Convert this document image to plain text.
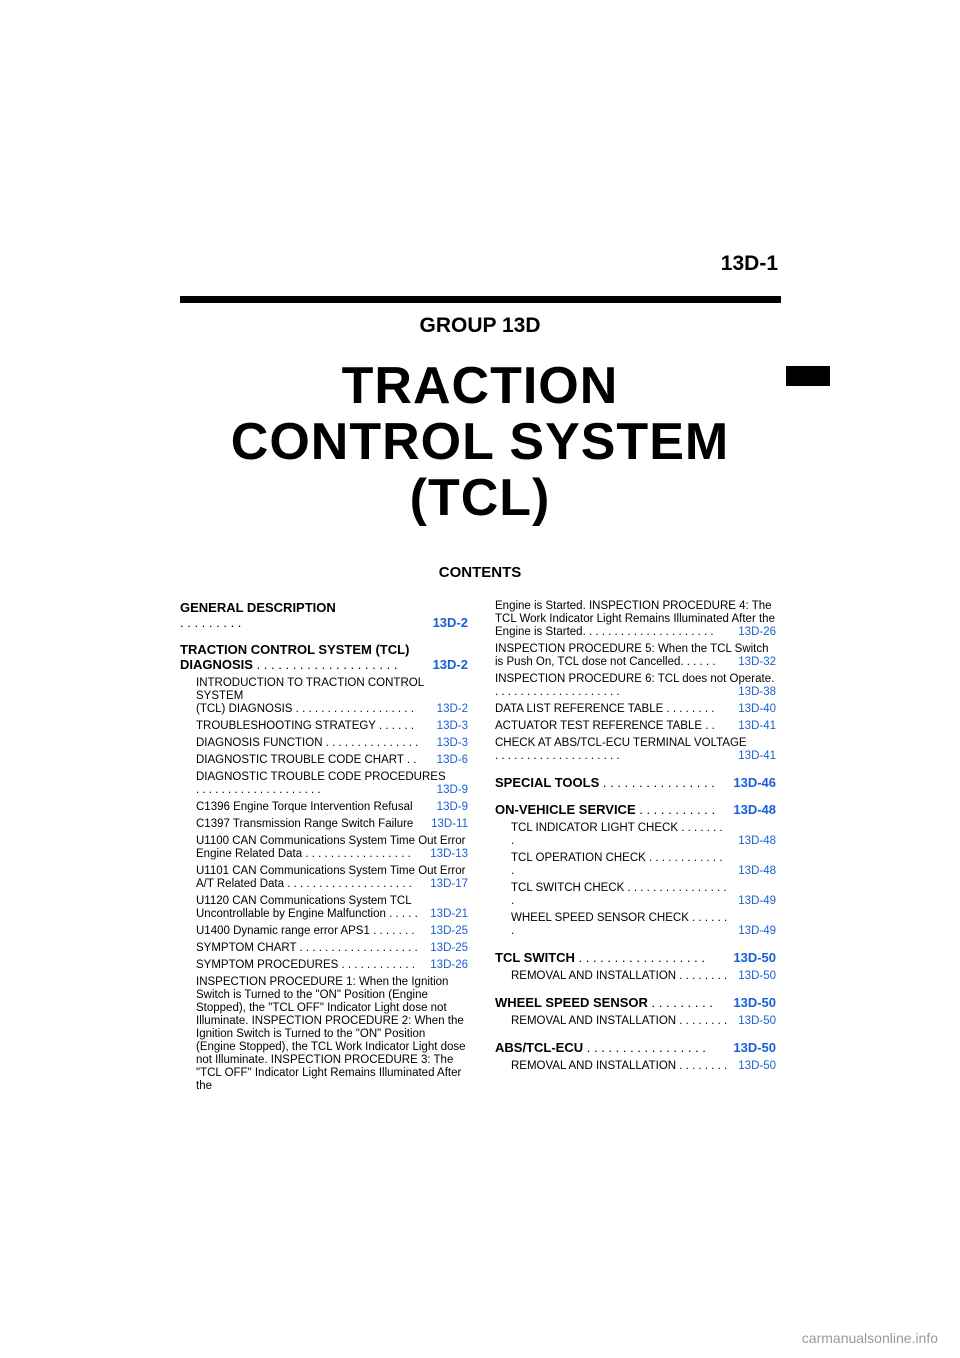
13D-1
GROUP 13D
TRACTION
CONTROL SYSTEM
(TCL)
CONTENTS
GENERAL DESCRIPTION
. . . . . . . . .	13D-2
TRACTION CONTROL SYSTEM (TCL)
DIAGNOSIS . . . . . . . . . . . . . . . . . . . .	13D-2
INTRODUCTION TO TRACTION CONTROL SYSTEM
(TCL) DIAGNOSIS . . . . . . . . . . . . . . . . . . .	13D-2
TROUBLESHOOTING STRATEGY . . . . . .	13D-3
DIAGNOSIS FUNCTION . . . . . . . . . . . . . . .	13D-3
DIAGNOSTIC TROUBLE CODE CHART . .	13D-6
DIAGNOSTIC TROUBLE CODE PROCEDURES
. . . . . . . . . . . . . . . . . . . .	13D-9
C1396 Engine Torque Intervention Refusal	13D-9
C1397 Transmission Range Switch Failure	13D-11
U1100 CAN Communications System Time Out Error
Engine Related Data . . . . . . . . . . . . . . . . .	13D-13
U1101 CAN Communications System Time Out Error
A/T Related Data . . . . . . . . . . . . . . . . . . . .	13D-17
U1120 CAN Communications System TCL
Uncontrollable by Engine Malfunction . . . . .	13D-21
U1400 Dynamic range error APS1 . . . . . . .	13D-25
SYMPTOM CHART . . . . . . . . . . . . . . . . . . .	13D-25
SYMPTOM PROCEDURES . . . . . . . . . . . .	13D-26
INSPECTION PROCEDURE 1: When the Ignition Switch is Turned to the "ON" Position (Engine Stopped), the "TCL OFF" Indicator Light dose not Illuminate. INSPECTION PROCEDURE 2: When the Ignition Switch is Turned to the "ON" Position (Engine Stopped), the TCL Work Indicator Light dose not Illuminate. INSPECTION PROCEDURE 3: The "TCL OFF" Indicator Light Remains Illuminated After the
Engine is Started. INSPECTION PROCEDURE 4: The TCL Work Indicator Light Remains Illuminated After the
Engine is Started. . . . . . . . . . . . . . . . . . . . .	13D-26
INSPECTION PROCEDURE 5: When the TCL Switch
is Push On, TCL dose not Cancelled. . . . . .	13D-32
INSPECTION PROCEDURE 6: TCL does not Operate.
. . . . . . . . . . . . . . . . . . . .	13D-38
DATA LIST REFERENCE TABLE . . . . . . . .	13D-40
ACTUATOR TEST REFERENCE TABLE . .	13D-41
CHECK AT ABS/TCL-ECU TERMINAL VOLTAGE
. . . . . . . . . . . . . . . . . . . .	13D-41
SPECIAL TOOLS . . . . . . . . . . . . . . . .	13D-46
ON-VEHICLE SERVICE . . . . . . . . . . .	13D-48
TCL INDICATOR LIGHT CHECK . . . . . . . .	13D-48
TCL OPERATION CHECK . . . . . . . . . . . . .	13D-48
TCL SWITCH CHECK . . . . . . . . . . . . . . . . .	13D-49
WHEEL SPEED SENSOR CHECK . . . . . . .	13D-49
TCL SWITCH . . . . . . . . . . . . . . . . . .	13D-50
REMOVAL AND INSTALLATION . . . . . . . . 13D-50
WHEEL SPEED SENSOR . . . . . . . . .	13D-50
REMOVAL AND INSTALLATION . . . . . . . . 13D-50
ABS/TCL-ECU . . . . . . . . . . . . . . . . .	13D-50
REMOVAL AND INSTALLATION . . . . . . . . 13D-50
carmanualsonline.info
